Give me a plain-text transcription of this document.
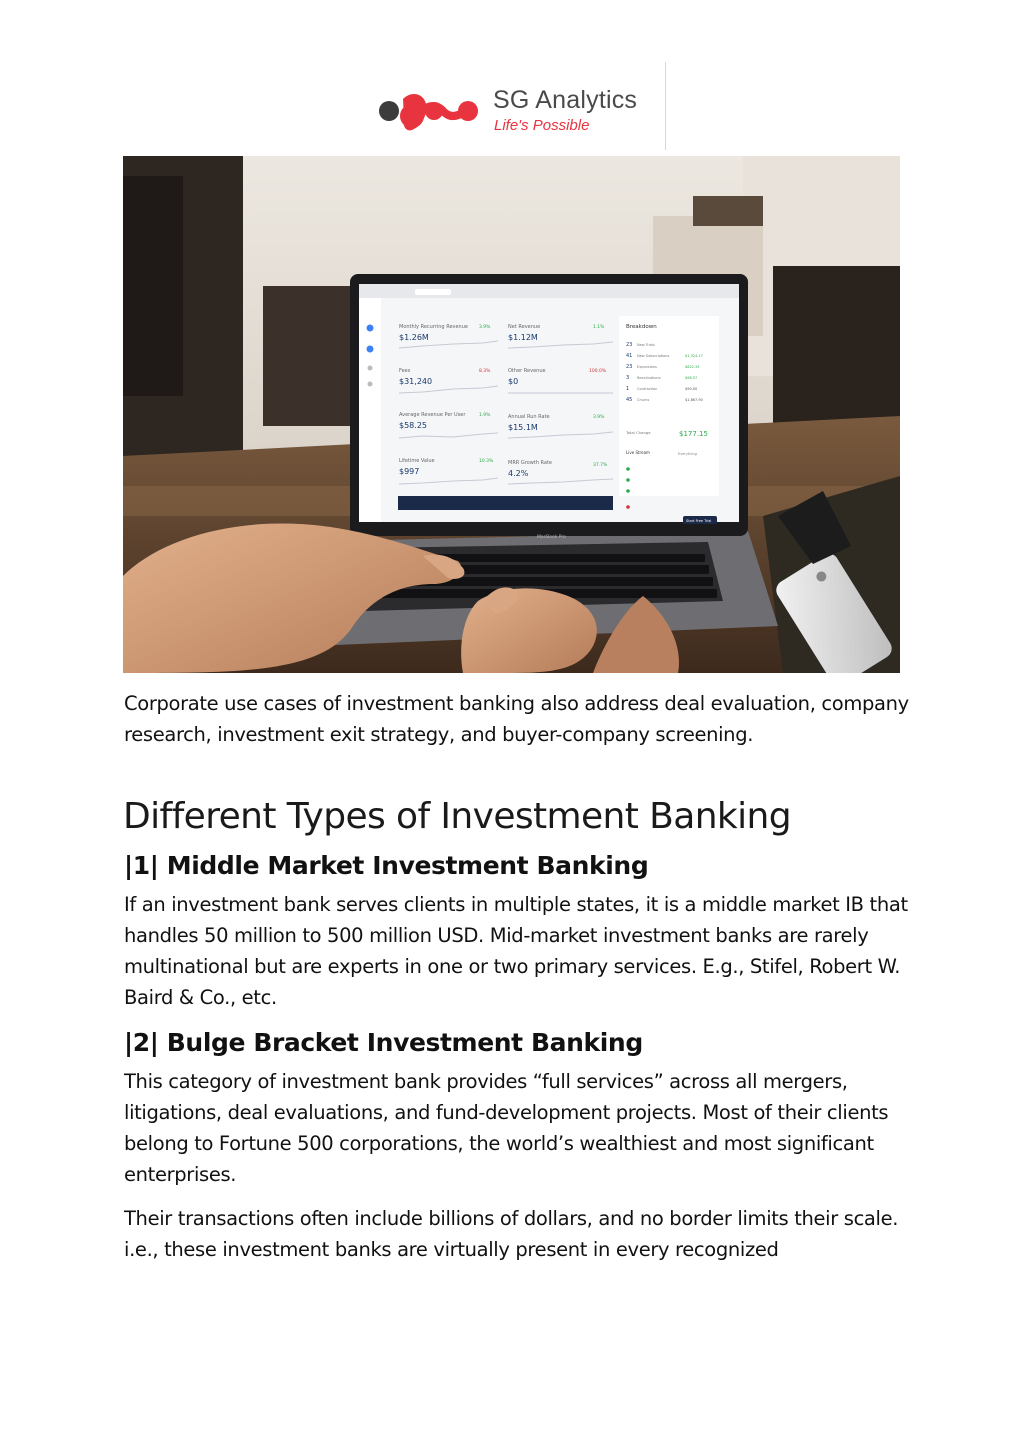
SG Analytics
Life's Possible
Monthly Recurring Revenue
$1.26M
3.9%	Net Revenue
$1.12M
1.1%
Fees
$31,240
8.3%	Other Revenue
$0
100.0%
Average Revenue Per User
$58.25
1.9%	Annual Run Rate
$15.1M
3.9%
Lifetime Value
$997
10.3%	MRR Growth Rate
4.2%
37.7%
Breakdown
23 New Trials
41 New Subscriptions	$1,324.17
23 Expansions	$822.35
3 Reactivations	$98.37
1 Contraction	$90.00
45 Churns	$1,867.90
Total Change	$177.15
Live Stream	Everything
Start Free Trial
MacBook Pro
Corporate use cases of investment banking also address deal evaluation, company research, investment exit strategy, and buyer-company screening.
Different Types of Investment Banking
|1| Middle Market Investment Banking
If an investment bank serves clients in multiple states, it is a middle market IB that handles 50 million to 500 million USD. Mid-market investment banks are rarely multinational but are experts in one or two primary services. E.g., Stifel, Robert W. Baird & Co., etc.
|2| Bulge Bracket Investment Banking
This category of investment bank provides “full services” across all mergers, litigations, deal evaluations, and fund-development projects. Most of their clients belong to Fortune 500 corporations, the world’s wealthiest and most significant enterprises.
Their transactions often include billions of dollars, and no border limits their scale. i.e., these investment banks are virtually present in every recognized
